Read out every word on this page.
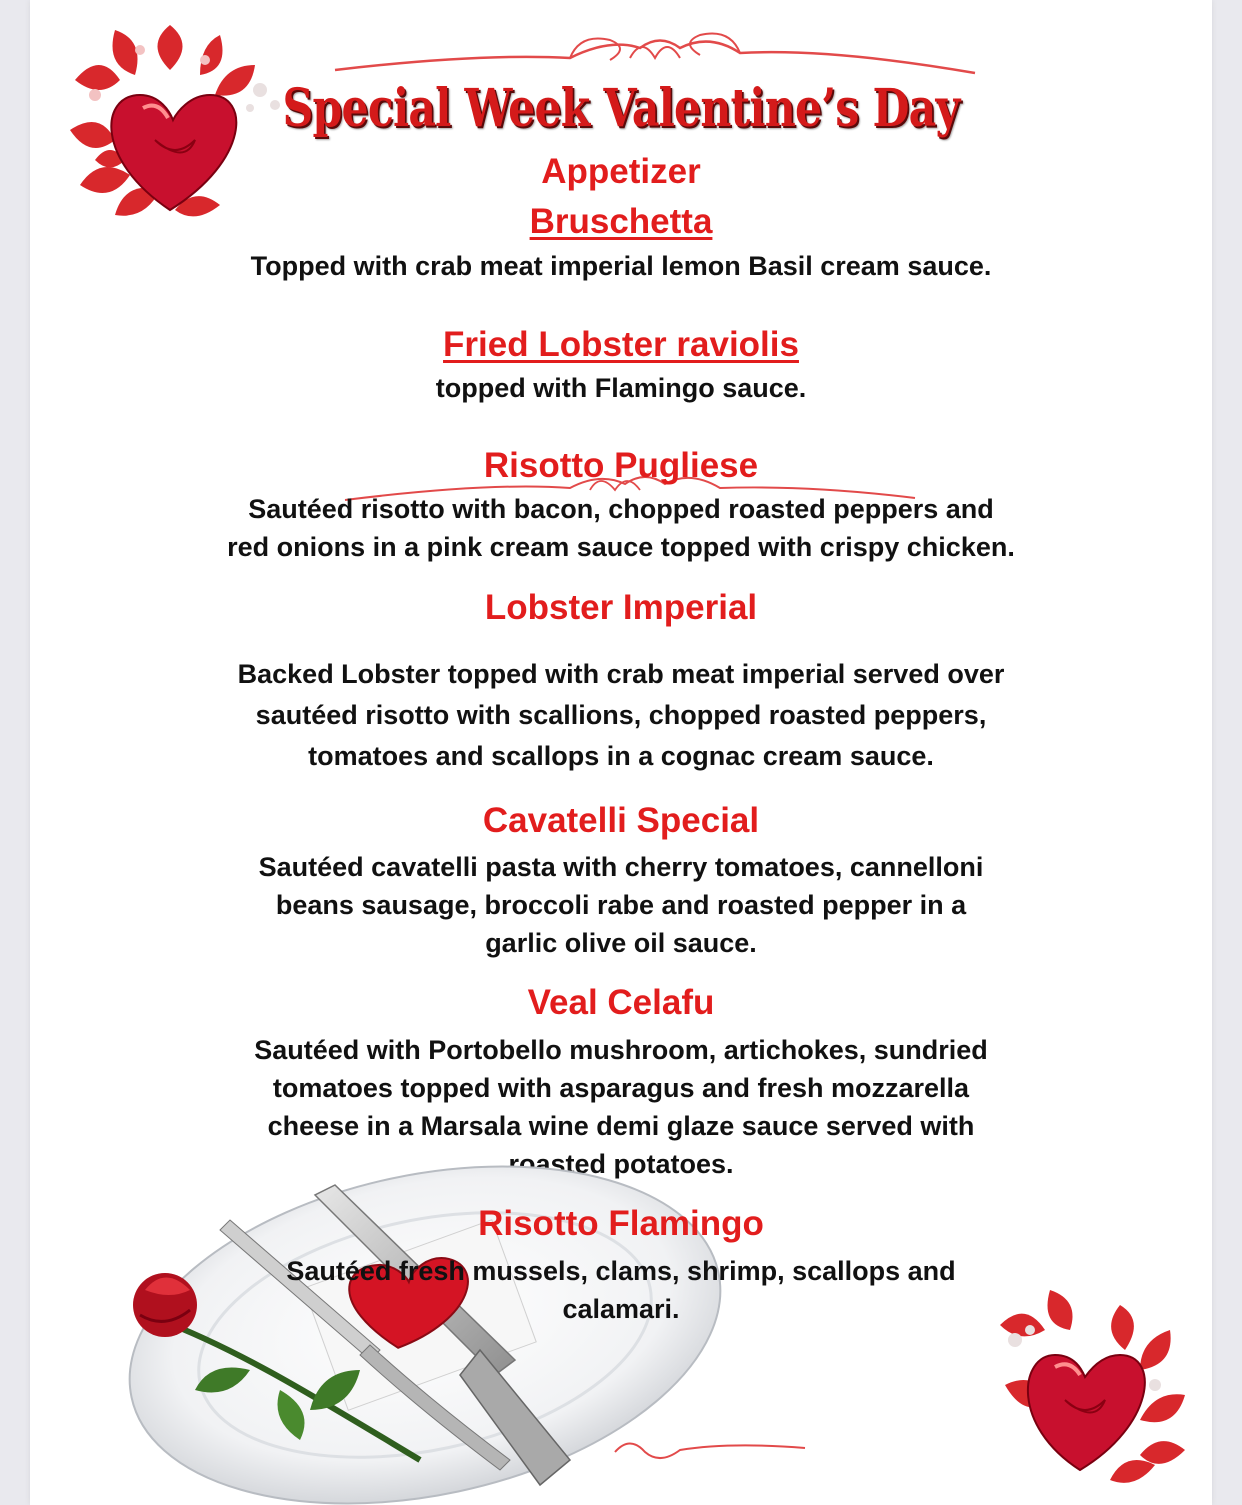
Special Week Valentine’s Day
Appetizer
Bruschetta
Topped with crab meat imperial lemon Basil cream sauce.
Fried Lobster raviolis
topped with Flamingo sauce.
Risotto Pugliese
Sautéed risotto with bacon, chopped roasted peppers and
red onions in a pink cream sauce topped with crispy chicken.
Lobster Imperial
Backed Lobster topped with crab meat imperial served over
sautéed risotto with scallions, chopped roasted peppers,
tomatoes and scallops in a cognac cream sauce.
Cavatelli Special
Sautéed cavatelli pasta with cherry tomatoes, cannelloni
beans sausage, broccoli rabe and roasted pepper in a
garlic olive oil sauce.
Veal Celafu
Sautéed with Portobello mushroom, artichokes, sundried
tomatoes topped with asparagus and fresh mozzarella
cheese in a Marsala wine demi glaze sauce served with
roasted potatoes.
Risotto Flamingo
Sautéed fresh mussels, clams, shrimp, scallops and
calamari.
